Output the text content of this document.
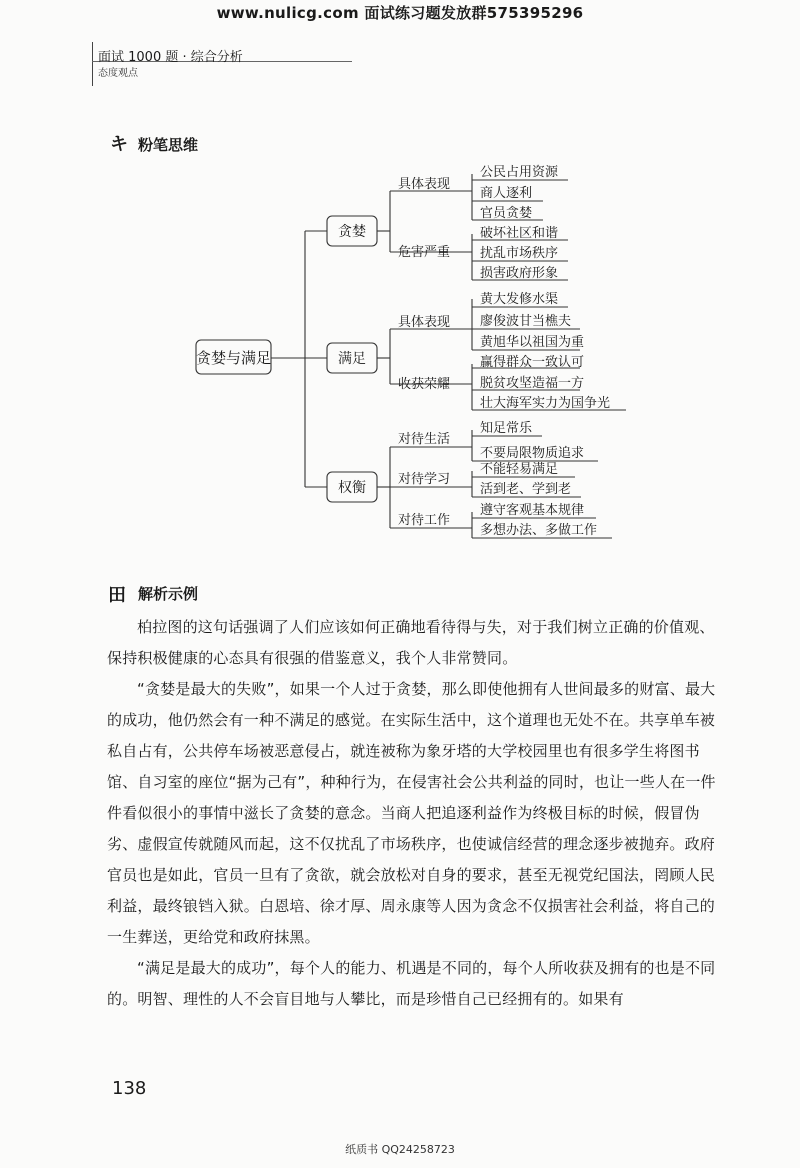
www.nulicg.com 面试练习题发放群575395296
面试 1000 题 · 综合分析
态度观点
キ 粉笔思维
贪婪与满足
贪婪
具体表现
公民占用资源
商人逐利
官员贪婪
危害严重
破坏社区和谐
扰乱市场秩序
损害政府形象
满足
具体表现
黄大发修水渠
廖俊波甘当樵夫
黄旭华以祖国为重
收获荣耀
赢得群众一致认可
脱贫攻坚造福一方
壮大海军实力为国争光
权衡
对待生活
知足常乐
不要局限物质追求
对待学习
不能轻易满足
活到老、学到老
对待工作
遵守客观基本规律
多想办法、多做工作
田 解析示例

柏拉图的这句话强调了人们应该如何正确地看待得与失，对于我们树立正确的价值观、保持积极健康的心态具有很强的借鉴意义，我个人非常赞同。

“贪婪是最大的失败”，如果一个人过于贪婪，那么即使他拥有人世间最多的财富、最大的成功，他仍然会有一种不满足的感觉。在实际生活中，这个道理也无处不在。共享单车被私自占有，公共停车场被恶意侵占，就连被称为象牙塔的大学校园里也有很多学生将图书馆、自习室的座位“据为己有”，种种行为，在侵害社会公共利益的同时，也让一些人在一件件看似很小的事情中滋长了贪婪的意念。当商人把追逐利益作为终极目标的时候，假冒伪劣、虚假宣传就随风而起，这不仅扰乱了市场秩序，也使诚信经营的理念逐步被抛弃。政府官员也是如此，官员一旦有了贪欲，就会放松对自身的要求，甚至无视党纪国法，罔顾人民利益，最终锒铛入狱。白恩培、徐才厚、周永康等人因为贪念不仅损害社会利益，将自己的一生葬送，更给党和政府抹黑。

“满足是最大的成功”，每个人的能力、机遇是不同的，每个人所收获及拥有的也是不同的。明智、理性的人不会盲目地与人攀比，而是珍惜自己已经拥有的。如果有

138
纸质书 QQ24258723
